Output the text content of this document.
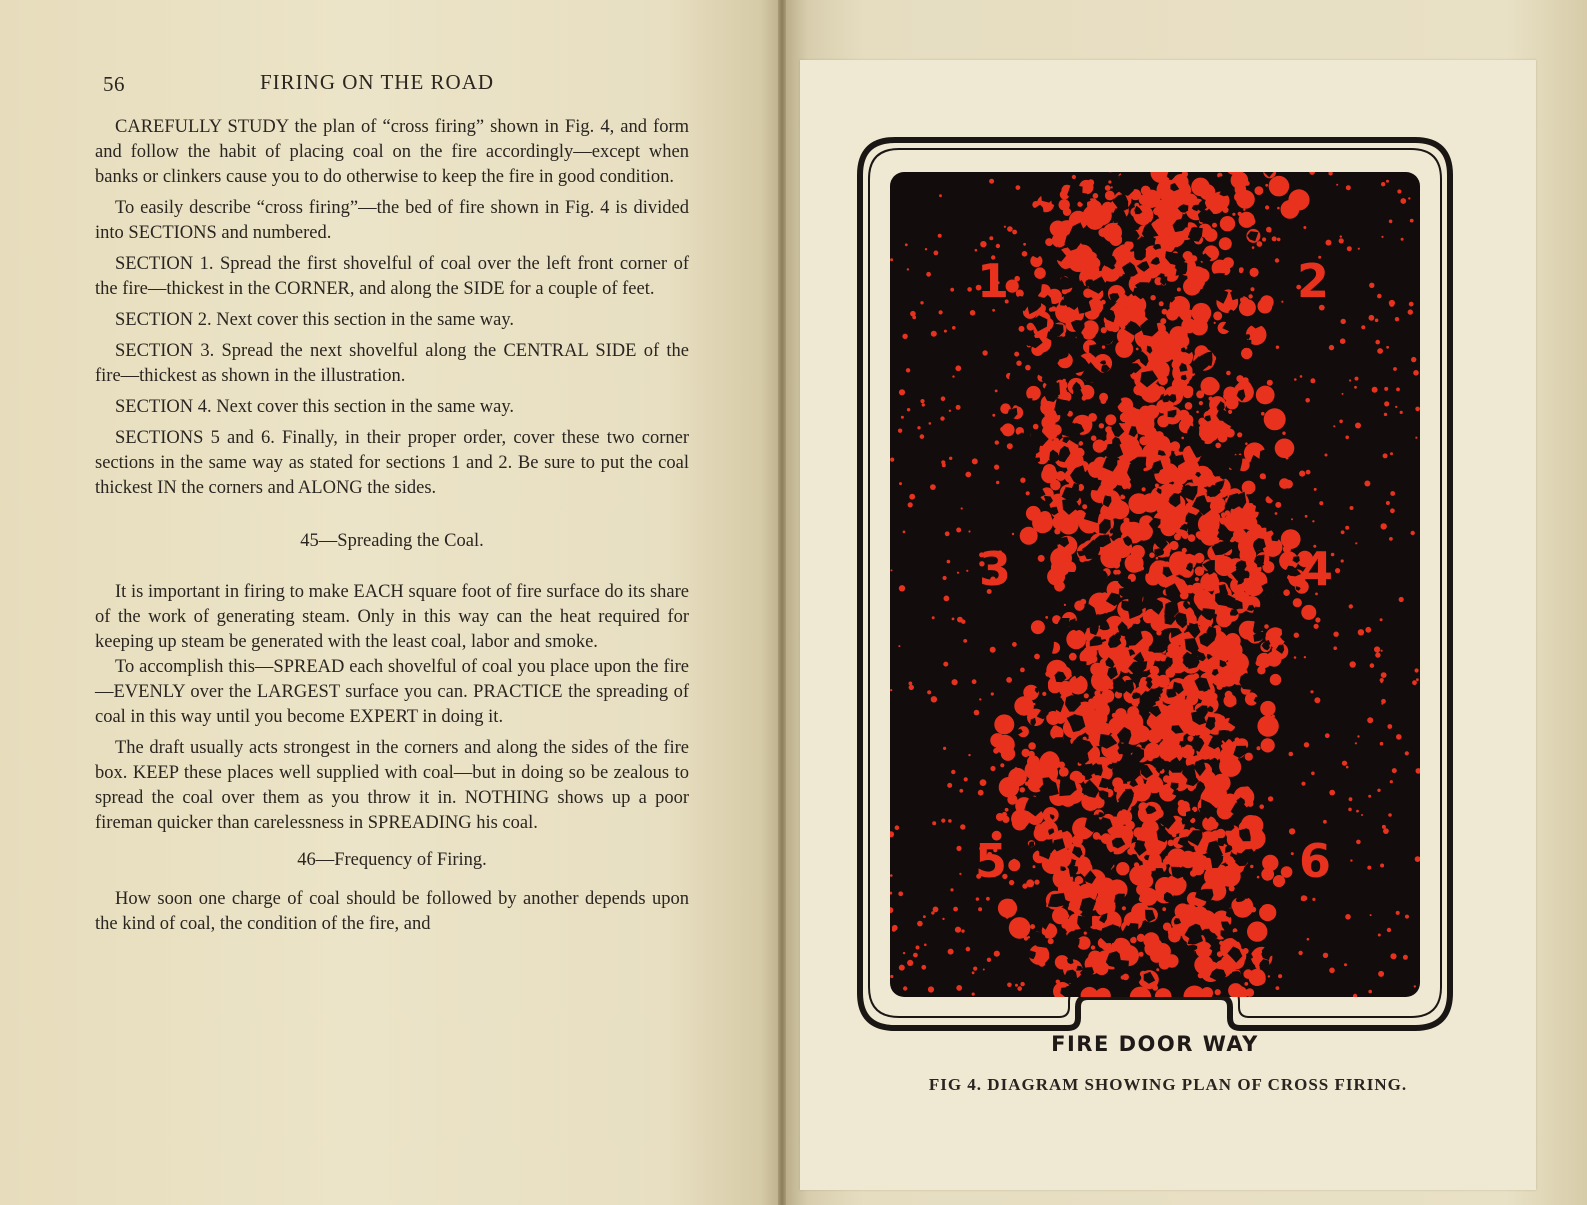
56	FIRING ON THE ROAD

CAREFULLY STUDY the plan of “cross firing” shown in Fig. 4, and form and follow the habit of placing coal on the fire accordingly—except when banks or clinkers cause you to do otherwise to keep the fire in good condition.

To easily describe “cross firing”—the bed of fire shown in Fig. 4 is divided into SECTIONS and numbered.

SECTION 1. Spread the first shovelful of coal over the left front corner of the fire—thickest in the CORNER, and along the SIDE for a couple of feet.

SECTION 2. Next cover this section in the same way.

SECTION 3. Spread the next shovelful along the CENTRAL SIDE of the fire—thickest as shown in the illustration.

SECTION 4. Next cover this section in the same way.

SECTIONS 5 and 6. Finally, in their proper order, cover these two corner sections in the same way as stated for sections 1 and 2. Be sure to put the coal thickest IN the corners and ALONG the sides.

45—Spreading the Coal.

It is important in firing to make EACH square foot of fire surface do its share of the work of generating steam. Only in this way can the heat required for keeping up steam be generated with the least coal, labor and smoke.

To accomplish this—SPREAD each shovelful of coal you place upon the fire—EVENLY over the LARGEST surface you can. PRACTICE the spreading of coal in this way until you become EXPERT in doing it.

The draft usually acts strongest in the corners and along the sides of the fire box. KEEP these places well supplied with coal—but in doing so be zealous to spread the coal over them as you throw it in. NOTHING shows up a poor fireman quicker than carelessness in SPREADING his coal.

46—Frequency of Firing.

How soon one charge of coal should be followed by another depends upon the kind of coal, the condition of the fire, and

1	2
3	4
5	6
FIRE DOOR WAY
FIG 4. DIAGRAM SHOWING PLAN OF CROSS FIRING.
